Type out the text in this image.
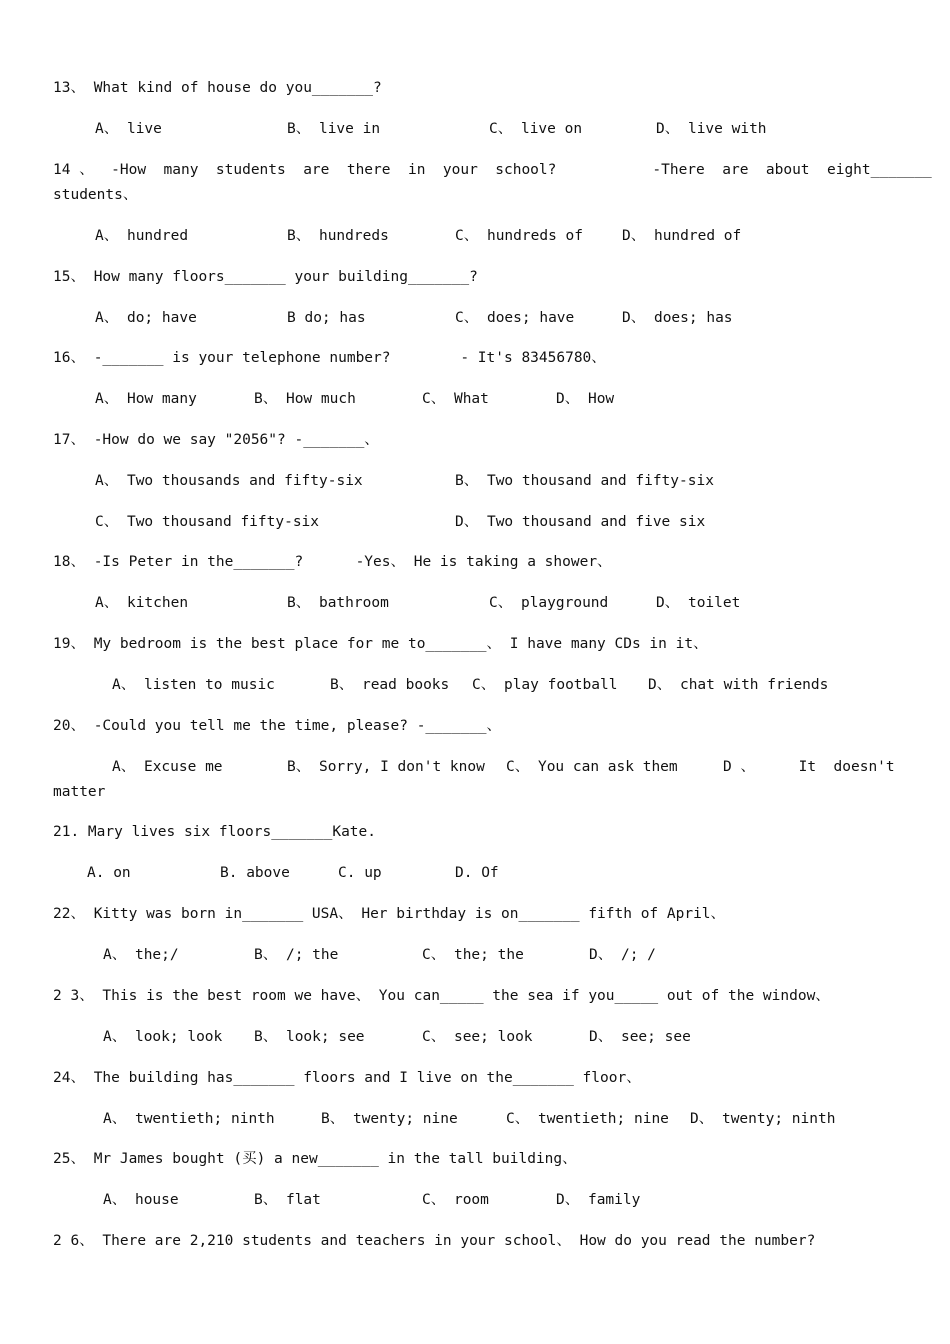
13、 What kind of house do you_______?
A、 live	B、 live in	C、 live on	D、 live with
14 、  -How  many  students  are  there  in  your  school?           -There  are  about  eight_______
students、
A、 hundred	B、 hundreds	C、 hundreds of	D、 hundred of
15、 How many floors_______ your building_______?
A、 do; have	B do; has	C、 does; have	D、 does; has
16、 -_______ is your telephone number?        - It's 83456780、
A、 How many	B、 How much	C、 What	D、 How
17、 -How do we say "2056"? -_______、
A、 Two thousands and fifty-six	B、 Two thousand and fifty-six
C、 Two thousand fifty-six	D、 Two thousand and five six
18、 -Is Peter in the_______?      -Yes、 He is taking a shower、
A、 kitchen	B、 bathroom	C、 playground	D、 toilet
19、 My bedroom is the best place for me to_______、 I have many CDs in it、
A、 listen to music	B、 read books C、 play football D、 chat with friends
20、 -Could you tell me the time, please? -_______、
A、 Excuse me	B、 Sorry, I don't know C、 You can ask them	D 、     It  doesn't
matter
21. Mary lives six floors_______Kate.
A. on	B. above	C. up	D. Of
22、 Kitty was born in_______ USA、 Her birthday is on_______ fifth of April、
A、 the;/	B、 /; the	C、 the; the	D、 /; /
2 3、 This is the best room we have、 You can_____ the sea if you_____ out of the window、
A、 look; look B、 look; see	C、 see; look	D、 see; see
24、 The building has_______ floors and I live on the_______ floor、
A、 twentieth; ninth	B、 twenty; nine	C、 twentieth; nine D、 twenty; ninth
25、 Mr James bought (买) a new_______ in the tall building、
A、 house	B、 flat	C、 room	D、 family
2 6、 There are 2,210 students and teachers in your school、 How do you read the number?
